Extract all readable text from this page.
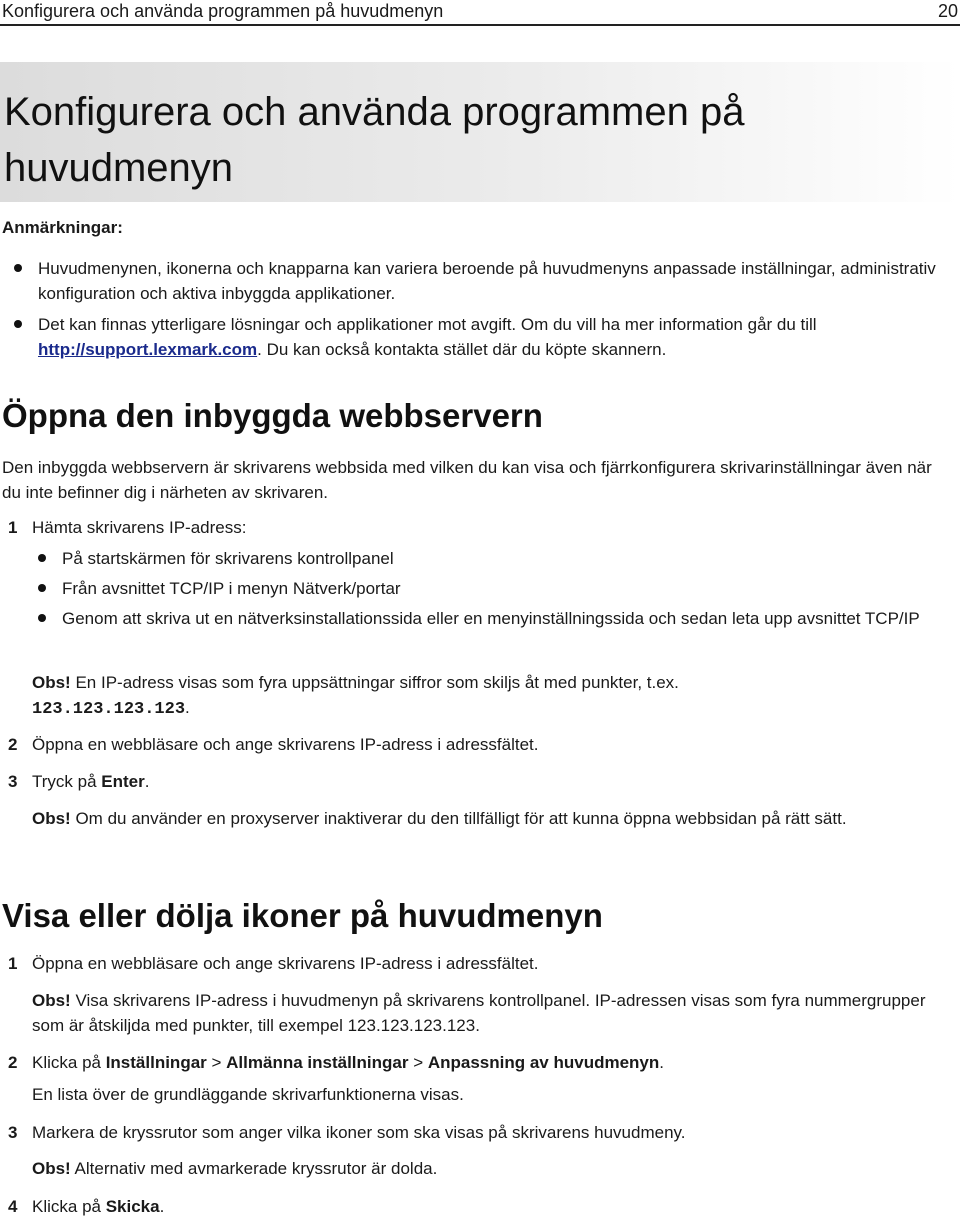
Konfigurera och använda programmen på huvudmenyn	20
Konfigurera och använda programmen på huvudmenyn
Anmärkningar:
Huvudmenynen, ikonerna och knapparna kan variera beroende på huvudmenyns anpassade inställningar, administrativ konfiguration och aktiva inbyggda applikationer.
Det kan finnas ytterligare lösningar och applikationer mot avgift. Om du vill ha mer information går du till http://support.lexmark.com. Du kan också kontakta stället där du köpte skannern.
Öppna den inbyggda webbservern
Den inbyggda webbservern är skrivarens webbsida med vilken du kan visa och fjärrkonfigurera skrivarinställningar även när du inte befinner dig i närheten av skrivaren.
1 Hämta skrivarens IP-adress:
På startskärmen för skrivarens kontrollpanel
Från avsnittet TCP/IP i menyn Nätverk/portar
Genom att skriva ut en nätverksinstallationssida eller en menyinställningssida och sedan leta upp avsnittet TCP/IP
Obs! En IP-adress visas som fyra uppsättningar siffror som skiljs åt med punkter, t.ex.
123.123.123.123.
2 Öppna en webbläsare och ange skrivarens IP-adress i adressfältet.
3 Tryck på Enter.
Obs! Om du använder en proxyserver inaktiverar du den tillfälligt för att kunna öppna webbsidan på rätt sätt.
Visa eller dölja ikoner på huvudmenyn
1 Öppna en webbläsare och ange skrivarens IP-adress i adressfältet.
Obs! Visa skrivarens IP-adress i huvudmenyn på skrivarens kontrollpanel. IP-adressen visas som fyra nummergrupper som är åtskiljda med punkter, till exempel 123.123.123.123.
2 Klicka på Inställningar > Allmänna inställningar > Anpassning av huvudmenyn.
En lista över de grundläggande skrivarfunktionerna visas.
3 Markera de kryssrutor som anger vilka ikoner som ska visas på skrivarens huvudmeny.
Obs! Alternativ med avmarkerade kryssrutor är dolda.
4 Klicka på Skicka.
